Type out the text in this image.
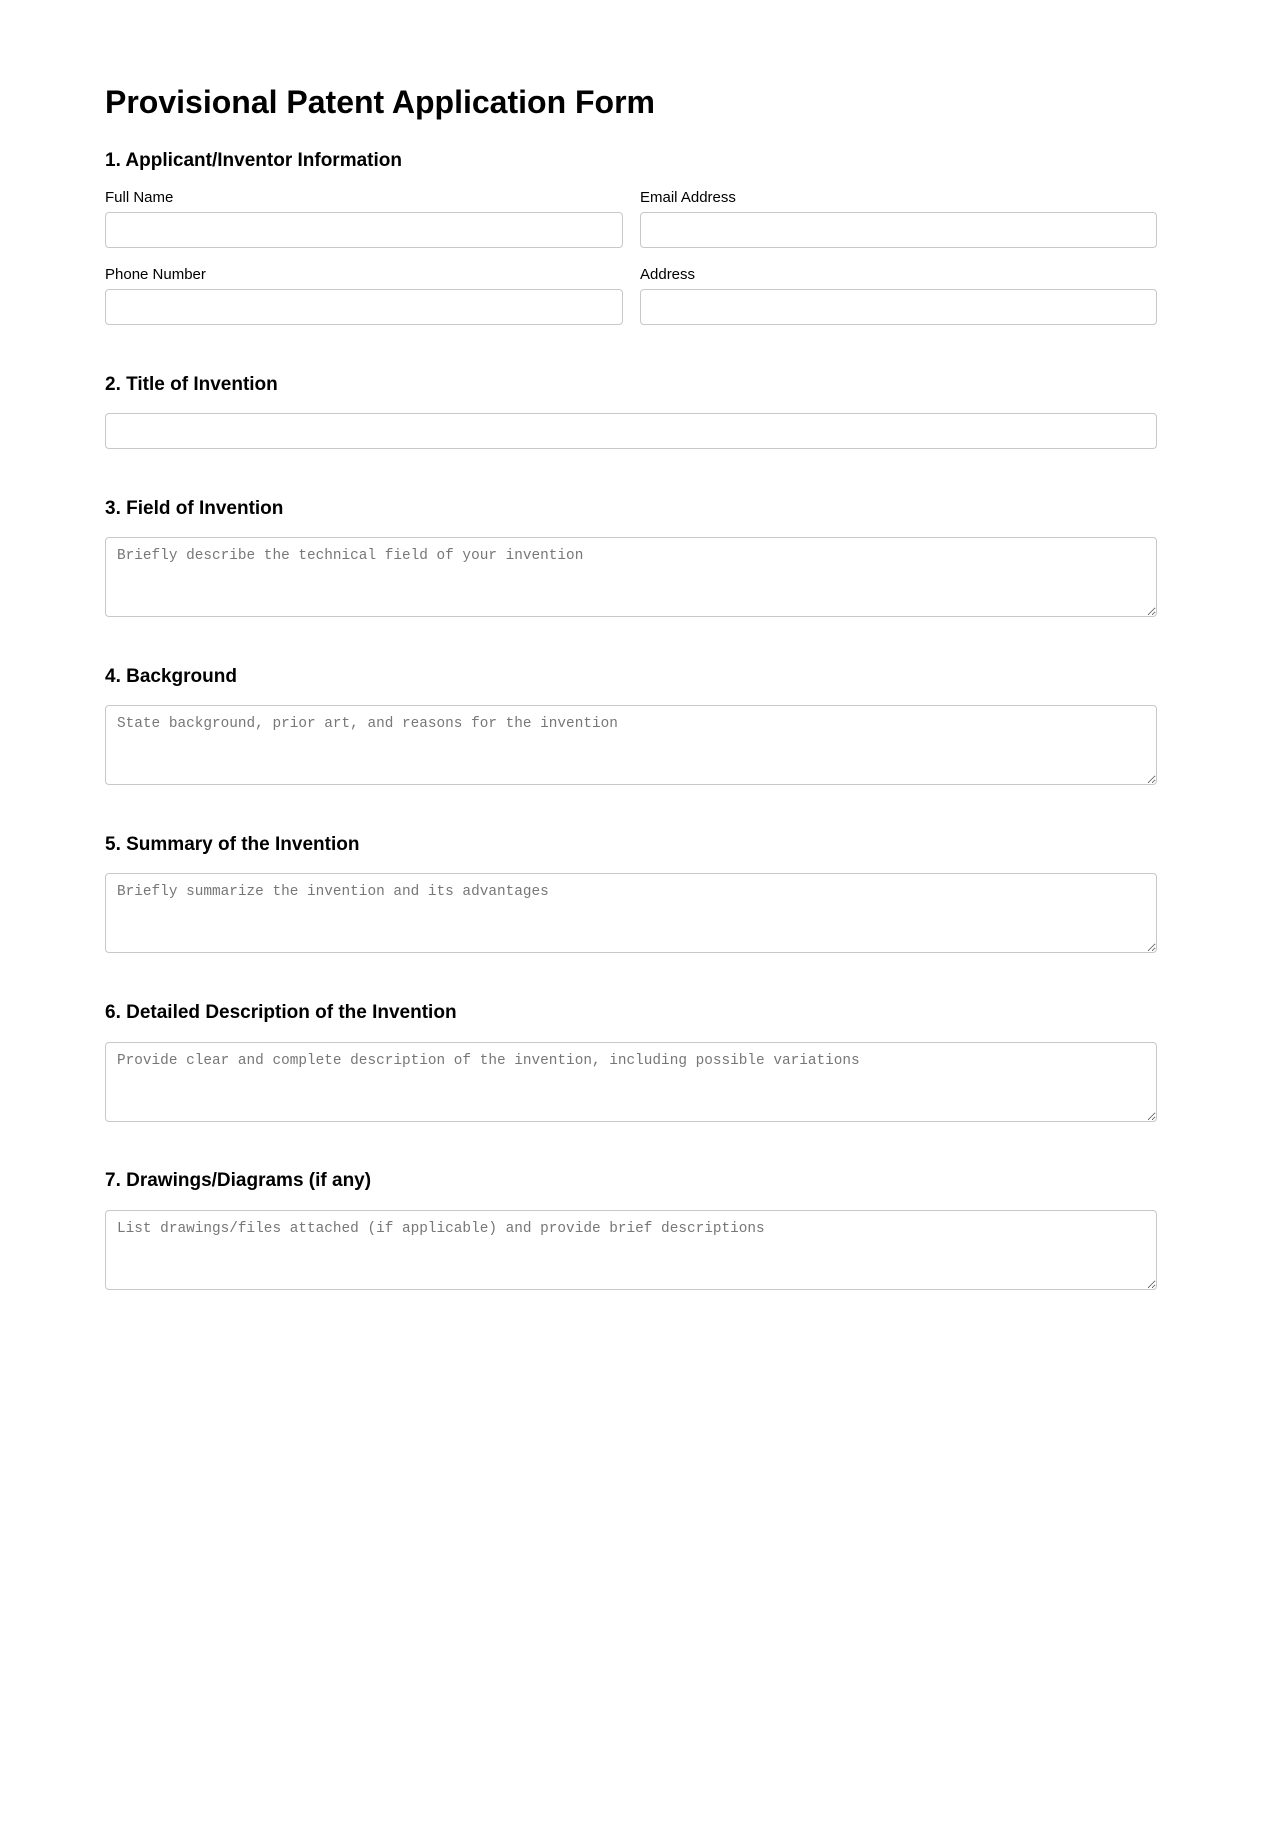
Provisional Patent Application Form
1. Applicant/Inventor Information
Full Name	Email Address
Phone Number	Address
2. Title of Invention
3. Field of Invention
Briefly describe the technical field of your invention
4. Background
State background, prior art, and reasons for the invention
5. Summary of the Invention
Briefly summarize the invention and its advantages
6. Detailed Description of the Invention
Provide clear and complete description of the invention, including possible variations
7. Drawings/Diagrams (if any)
List drawings/files attached (if applicable) and provide brief descriptions
